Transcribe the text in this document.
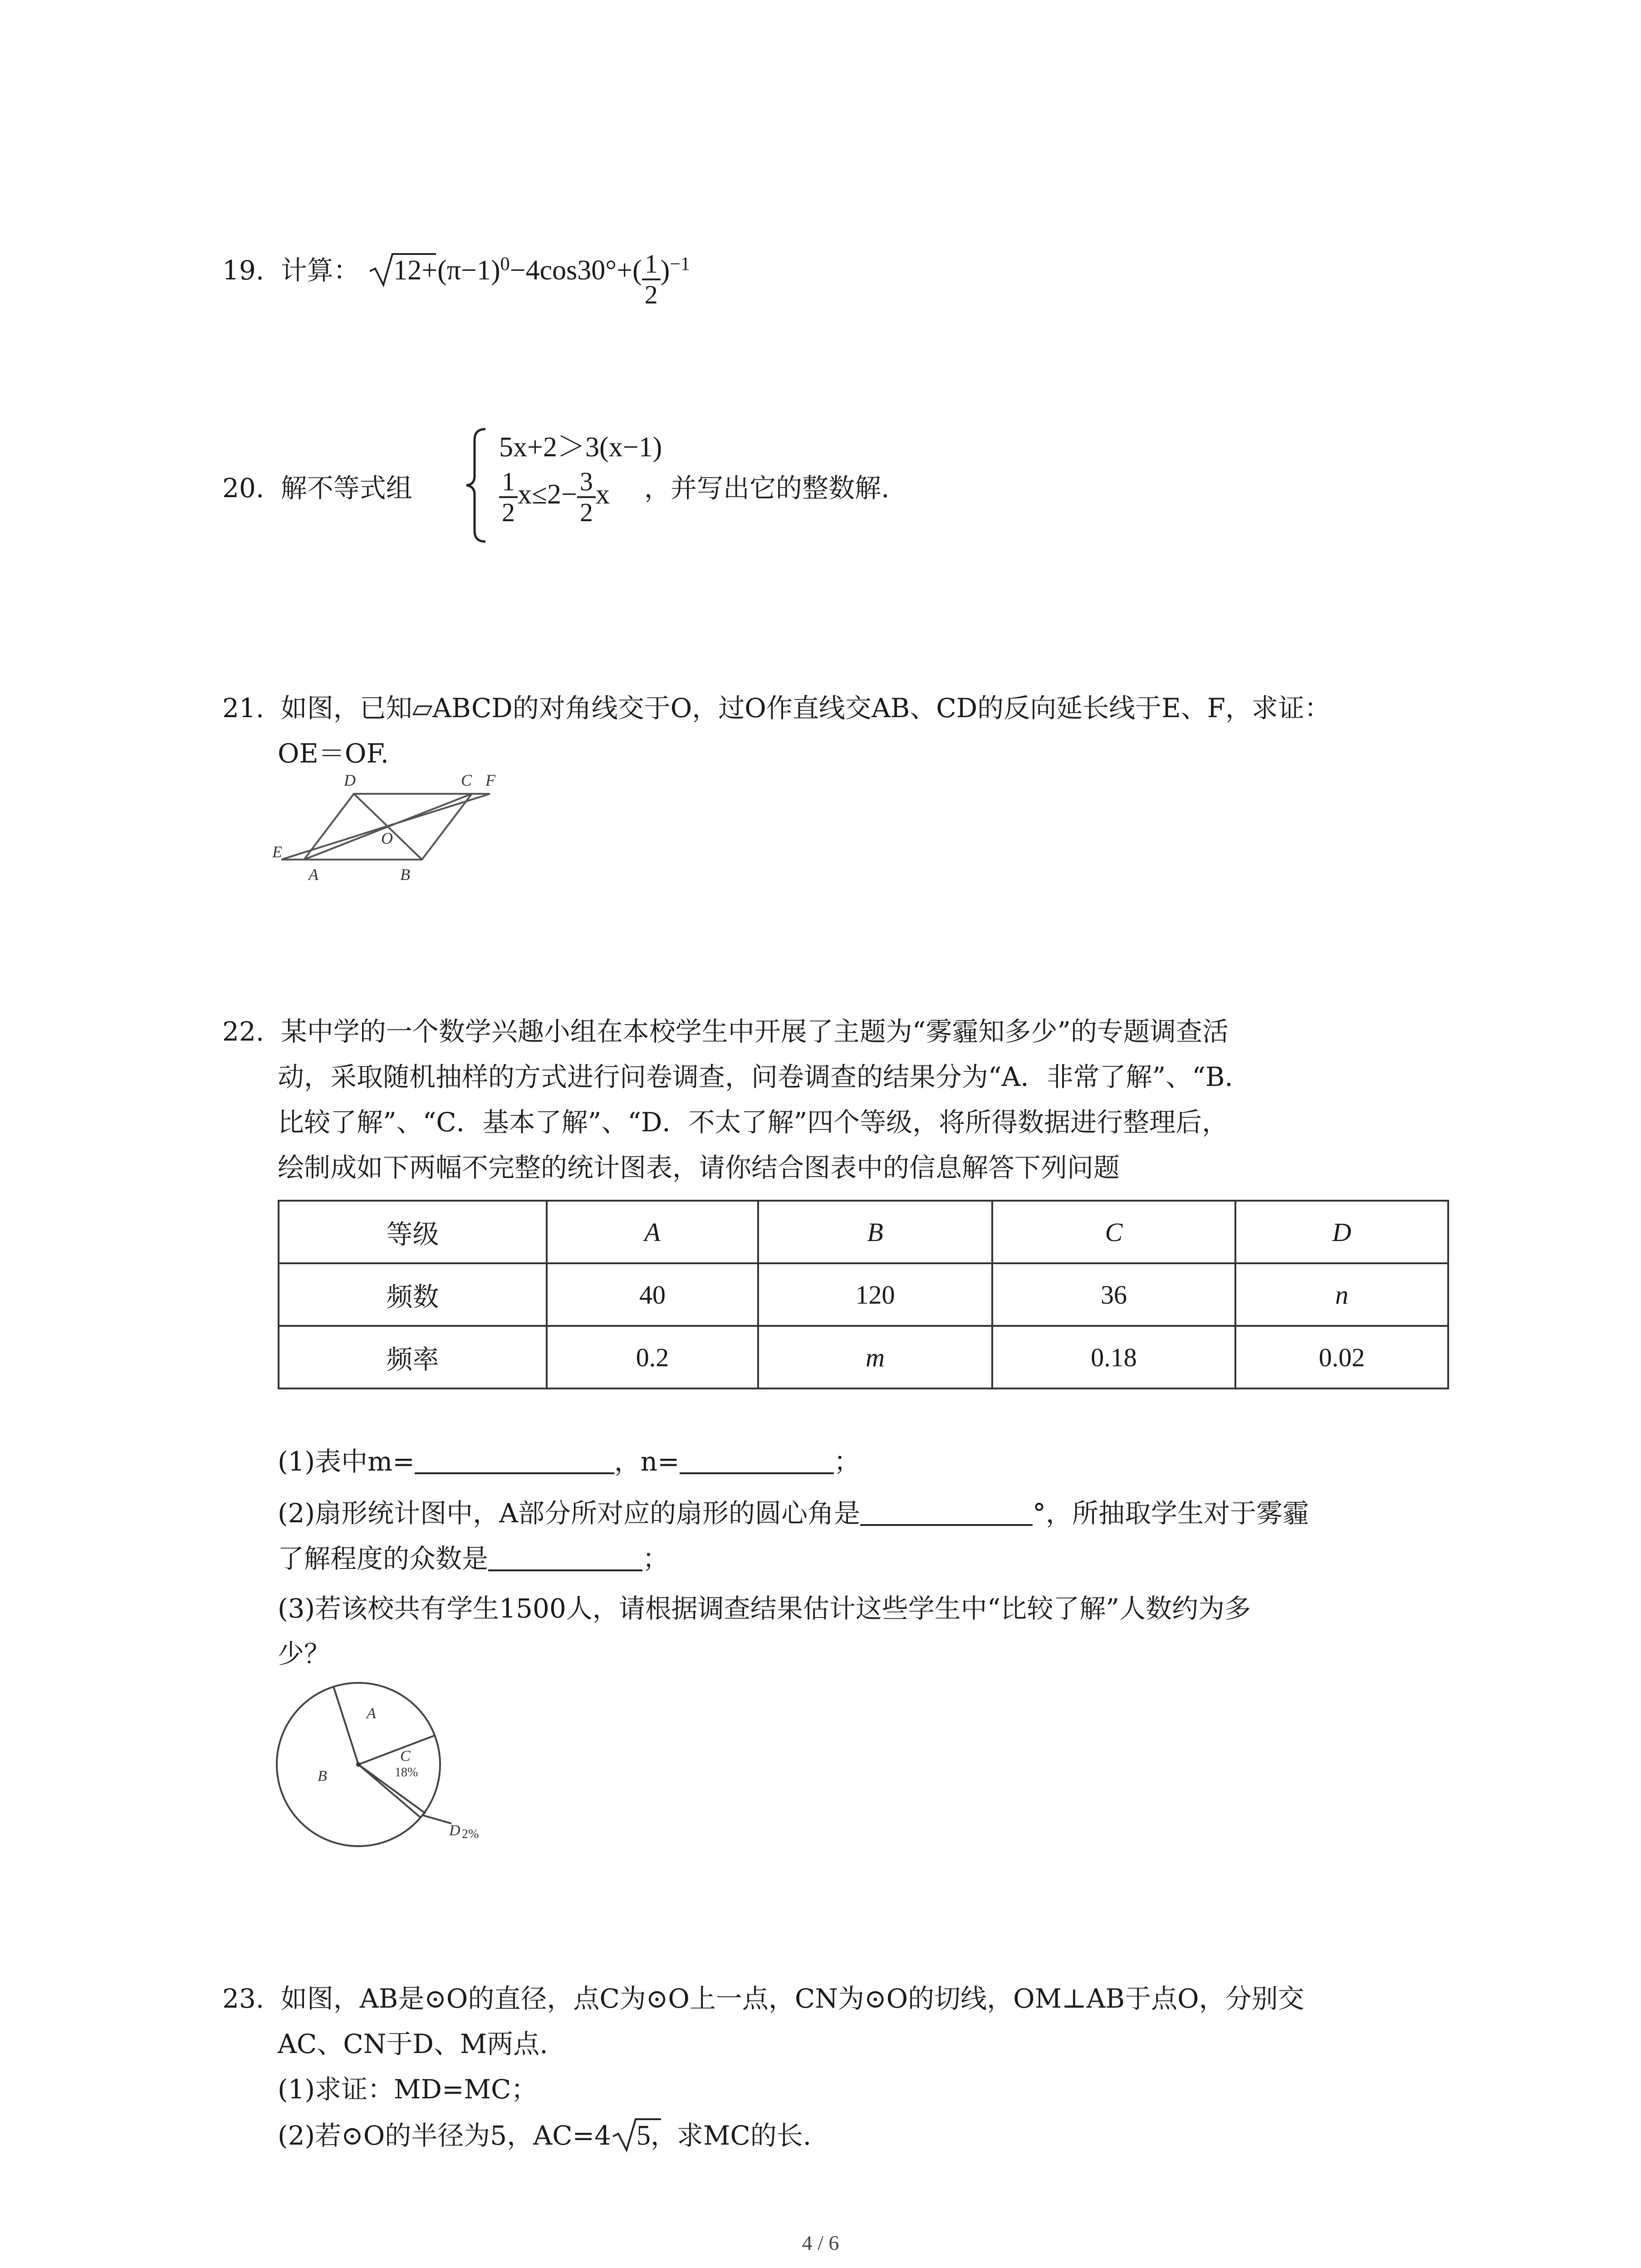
19. 计算： $12+(\pi-1)^0-4\cos 30^\circ+( \frac{1}{2} )^{-1}$
20. 解不等式组
5x+2＞3(x−1)
$\frac{1}{2} x\le 2- \frac{3}{2}$ x ，并写出它的整数解.
21. 如图，已知▱ABCD的对角线交于O，过O作直线交AB、CD的反向延长线于E、F，求证：
OE＝OF.
D	C F
O
E
A	B
22. 某中学的一个数学兴趣小组在本校学生中开展了主题为“雾霾知多少”的专题调查活
动，采取随机抽样的方式进行问卷调查，问卷调查的结果分为“A．非常了解”、“B．
比较了解”、“C．基本了解”、“D．不太了解”四个等级，将所得数据进行整理后，
绘制成如下两幅不完整的统计图表，请你结合图表中的信息解答下列问题
等级	A	B	C	D
频数	40	120	36	n
频率	0.2	m	0.18	0.02
(1)表中m=	，n=	；
(2)扇形统计图中，A部分所对应的扇形的圆心角是	°，所抽取学生对于雾霾
了解程度的众数是	；
(3)若该校共有学生1500人，请根据调查结果估计这些学生中“比较了解”人数约为多
少？
A
B
C
D
18%
2%
23. 如图，AB是⊙O的直径，点C为⊙O上一点，CN为⊙O的切线，OM⊥AB于点O，分别交
AC、CN于D、M两点.
(1)求证：MD=MC；
(2)若⊙O的半径为5，AC=4 5，求MC的长.
4 / 6
